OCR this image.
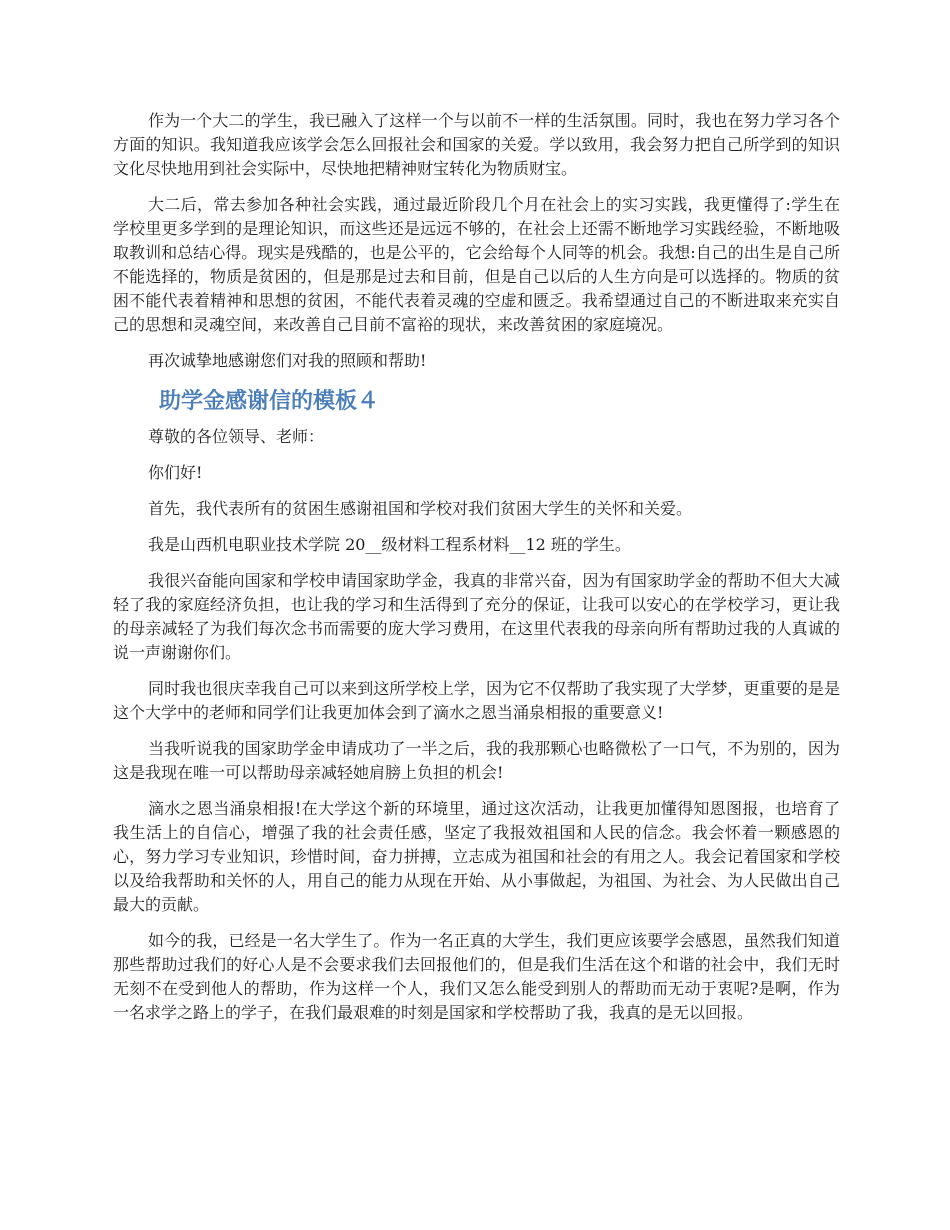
作为一个大二的学生，我已融入了这样一个与以前不一样的生活氛围。同时，我也在努力学习各个方面的知识。我知道我应该学会怎么回报社会和国家的关爱。学以致用，我会努力把自己所学到的知识文化尽快地用到社会实际中，尽快地把精神财宝转化为物质财宝。

大二后，常去参加各种社会实践，通过最近阶段几个月在社会上的实习实践，我更懂得了:学生在学校里更多学到的是理论知识，而这些还是远远不够的，在社会上还需不断地学习实践经验，不断地吸取教训和总结心得。现实是残酷的，也是公平的，它会给每个人同等的机会。我想:自己的出生是自己所不能选择的，物质是贫困的，但是那是过去和目前，但是自己以后的人生方向是可以选择的。物质的贫困不能代表着精神和思想的贫困，不能代表着灵魂的空虚和匮乏。我希望通过自己的不断进取来充实自己的思想和灵魂空间，来改善自己目前不富裕的现状，来改善贫困的家庭境况。

再次诚挚地感谢您们对我的照顾和帮助!

助学金感谢信的模板４

尊敬的各位领导、老师：

你们好!

首先，我代表所有的贫困生感谢祖国和学校对我们贫困大学生的关怀和关爱。

我是山西机电职业技术学院 20__级材料工程系材料__12 班的学生。

我很兴奋能向国家和学校申请国家助学金，我真的非常兴奋，因为有国家助学金的帮助不但大大减轻了我的家庭经济负担，也让我的学习和生活得到了充分的保证，让我可以安心的在学校学习，更让我的母亲减轻了为我们每次念书而需要的庞大学习费用，在这里代表我的母亲向所有帮助过我的人真诚的说一声谢谢你们。

同时我也很庆幸我自己可以来到这所学校上学，因为它不仅帮助了我实现了大学梦，更重要的是是这个大学中的老师和同学们让我更加体会到了滴水之恩当涌泉相报的重要意义!

当我听说我的国家助学金申请成功了一半之后，我的我那颗心也略微松了一口气，不为别的，因为这是我现在唯一可以帮助母亲减轻她肩膀上负担的机会!

滴水之恩当涌泉相报!在大学这个新的环境里，通过这次活动，让我更加懂得知恩图报，也培育了我生活上的自信心，增强了我的社会责任感，坚定了我报效祖国和人民的信念。我会怀着一颗感恩的心，努力学习专业知识，珍惜时间，奋力拼搏，立志成为祖国和社会的有用之人。我会记着国家和学校以及给我帮助和关怀的人，用自己的能力从现在开始、从小事做起，为祖国、为社会、为人民做出自己最大的贡献。

如今的我，已经是一名大学生了。作为一名正真的大学生，我们更应该要学会感恩，虽然我们知道那些帮助过我们的好心人是不会要求我们去回报他们的，但是我们生活在这个和谐的社会中，我们无时无刻不在受到他人的帮助，作为这样一个人，我们又怎么能受到别人的帮助而无动于衷呢?是啊，作为一名求学之路上的学子，在我们最艰难的时刻是国家和学校帮助了我，我真的是无以回报。
